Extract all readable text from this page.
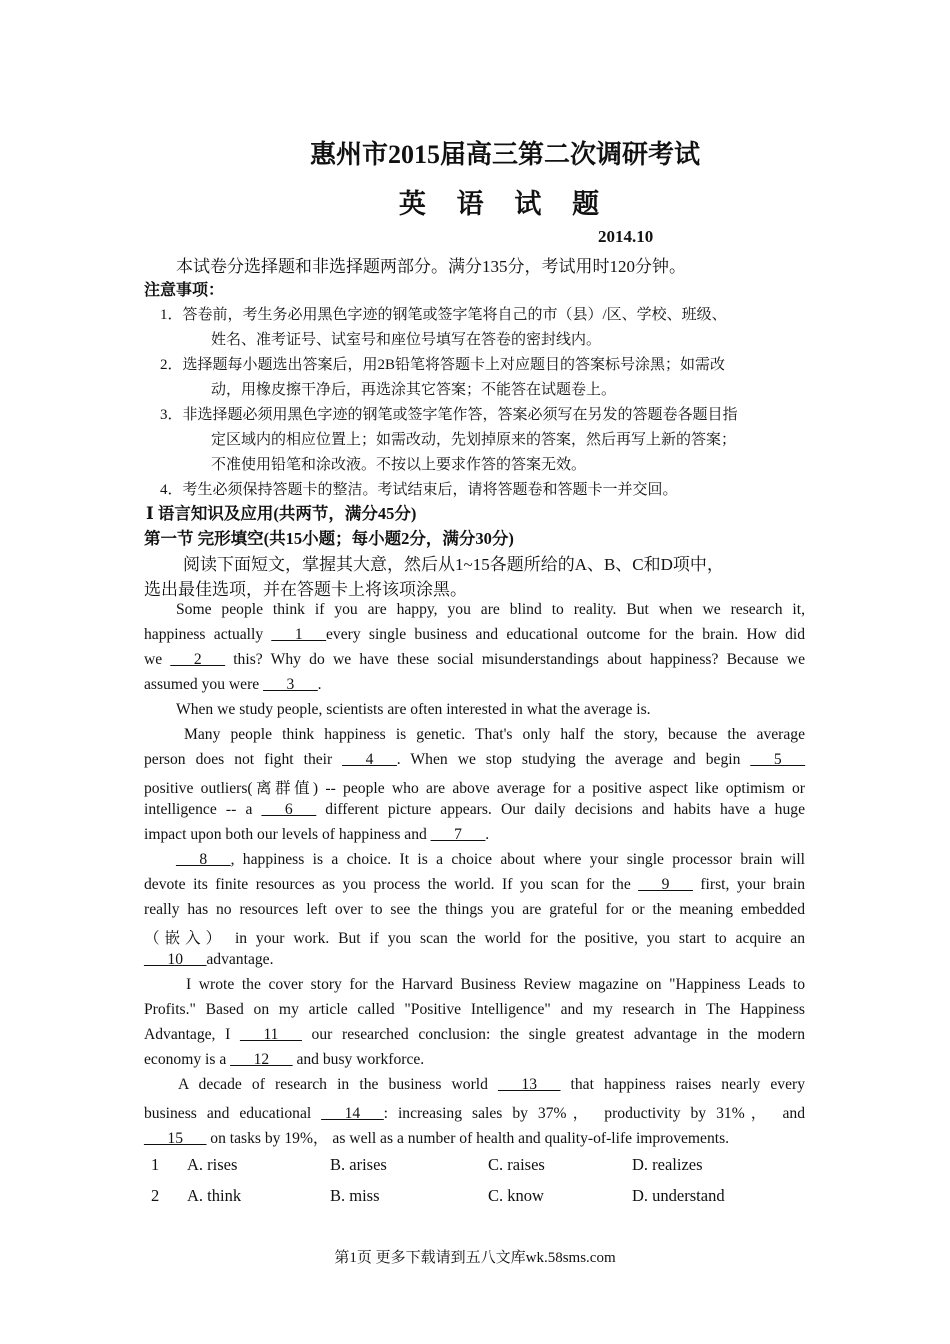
惠州市2015届高三第二次调研考试
英 语 试 题
2014.10
本试卷分选择题和非选择题两部分。满分135分，考试用时120分钟。
注意事项：
1．答卷前，考生务必用黑色字迹的钢笔或签字笔将自己的市（县）/区、学校、班级、
姓名、准考证号、试室号和座位号填写在答卷的密封线内。
2．选择题每小题选出答案后，用2B铅笔将答题卡上对应题目的答案标号涂黑；如需改
动，用橡皮擦干净后，再选涂其它答案；不能答在试题卷上。
3．非选择题必须用黑色字迹的钢笔或签字笔作答，答案必须写在另发的答题卷各题目指
定区域内的相应位置上；如需改动，先划掉原来的答案，然后再写上新的答案；
不准使用铅笔和涂改液。不按以上要求作答的答案无效。
4．考生必须保持答题卡的整洁。考试结束后，请将答题卷和答题卡一并交回。
Ⅰ 语言知识及应用(共两节，满分45分)
第一节 完形填空(共15小题；每小题2分，满分30分)
阅读下面短文，掌握其大意，然后从1~15各题所给的A、B、C和D项中，
选出最佳选项，并在答题卡上将该项涂黑。
Some people think if you are happy, you are blind to reality. But when we research it,
happiness actually ___1___every single business and educational outcome for the brain. How did
we ___2___ this? Why do we have these social misunderstandings about happiness? Because we
assumed you were ___3___.
When we study people, scientists are often interested in what the average is.
Many people think happiness is genetic. That's only half the story, because the average
person does not fight their ___4___. When we stop studying the average and begin ___5___
positive outliers(离群值) -- people who are above average for a positive aspect like optimism or
intelligence -- a ___6___ different picture appears. Our daily decisions and habits have a huge
impact upon both our levels of happiness and ___7___.
___8___, happiness is a choice. It is a choice about where your single processor brain will
devote its finite resources as you process the world. If you scan for the ___9___ first, your brain
really has no resources left over to see the things you are grateful for or the meaning embedded
（嵌入） in your work. But if you scan the world for the positive, you start to acquire an
___10___advantage.
I wrote the cover story for the Harvard Business Review magazine on "Happiness Leads to
Profits." Based on my article called "Positive Intelligence" and my research in The Happiness
Advantage, I ___11___ our researched conclusion: the single greatest advantage in the modern
economy is a ___12___ and busy workforce.
A decade of research in the business world ___13___ that happiness raises nearly every
business and educational ___14___: increasing sales by 37%， productivity by 31%， and
___15___ on tasks by 19%， as well as a number of health and quality-of-life improvements.
1 A. rises	B. arises	C. raises	D. realizes
2 A. think	B. miss	C. know	D. understand
第1页 更多下载请到五八文库wk.58sms.com
